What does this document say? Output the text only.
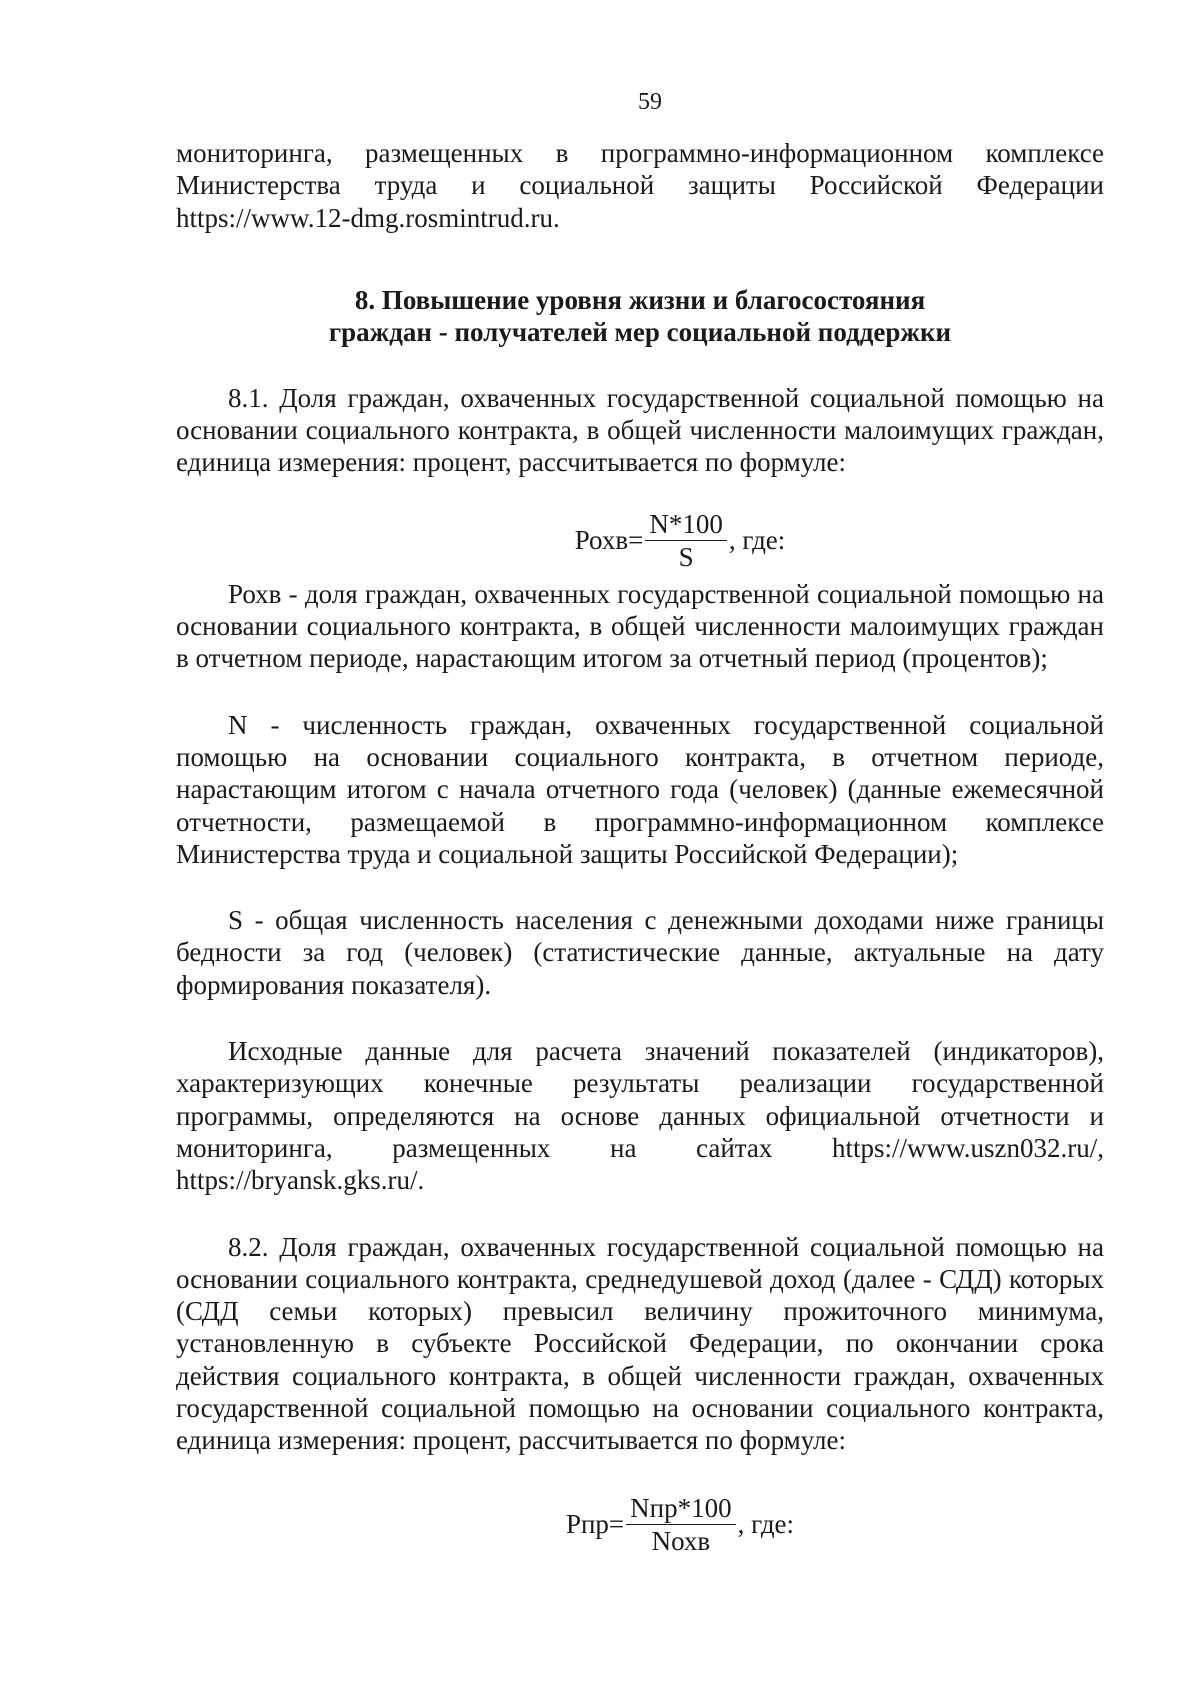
59

мониторинга, размещенных в программно-информационном комплексе Министерства труда и социальной защиты Российской Федерации https://www.12-dmg.rosmintrud.ru.

8. Повышение уровня жизни и благосостояния
граждан - получателей мер социальной поддержки

8.1. Доля граждан, охваченных государственной социальной помощью на основании социального контракта, в общей численности малоимущих граждан, единица измерения: процент, рассчитывается по формуле:

Рохв= $\frac{N*100}{S}$ , где:

Рохв - доля граждан, охваченных государственной социальной помощью на основании социального контракта, в общей численности малоимущих граждан в отчетном периоде, нарастающим итогом за отчетный период (процентов);

N - численность граждан, охваченных государственной социальной помощью на основании социального контракта, в отчетном периоде, нарастающим итогом с начала отчетного года (человек) (данные ежемесячной отчетности, размещаемой в программно-информационном комплексе Министерства труда и социальной защиты Российской Федерации);

S - общая численность населения с денежными доходами ниже границы бедности за год (человек) (статистические данные, актуальные на дату формирования показателя).

Исходные данные для расчета значений показателей (индикаторов), характеризующих конечные результаты реализации государственной программы, определяются на основе данных официальной отчетности и мониторинга, размещенных на сайтах https://www.uszn032.ru/, https://bryansk.gks.ru/.

8.2. Доля граждан, охваченных государственной социальной помощью на основании социального контракта, среднедушевой доход (далее - СДД) которых (СДД семьи которых) превысил величину прожиточного минимума, установленную в субъекте Российской Федерации, по окончании срока действия социального контракта, в общей численности граждан, охваченных государственной социальной помощью на основании социального контракта, единица измерения: процент, рассчитывается по формуле:

$Рпр= \frac{\text{Nпр*100}}{\text{Nохв}}$ , где:
